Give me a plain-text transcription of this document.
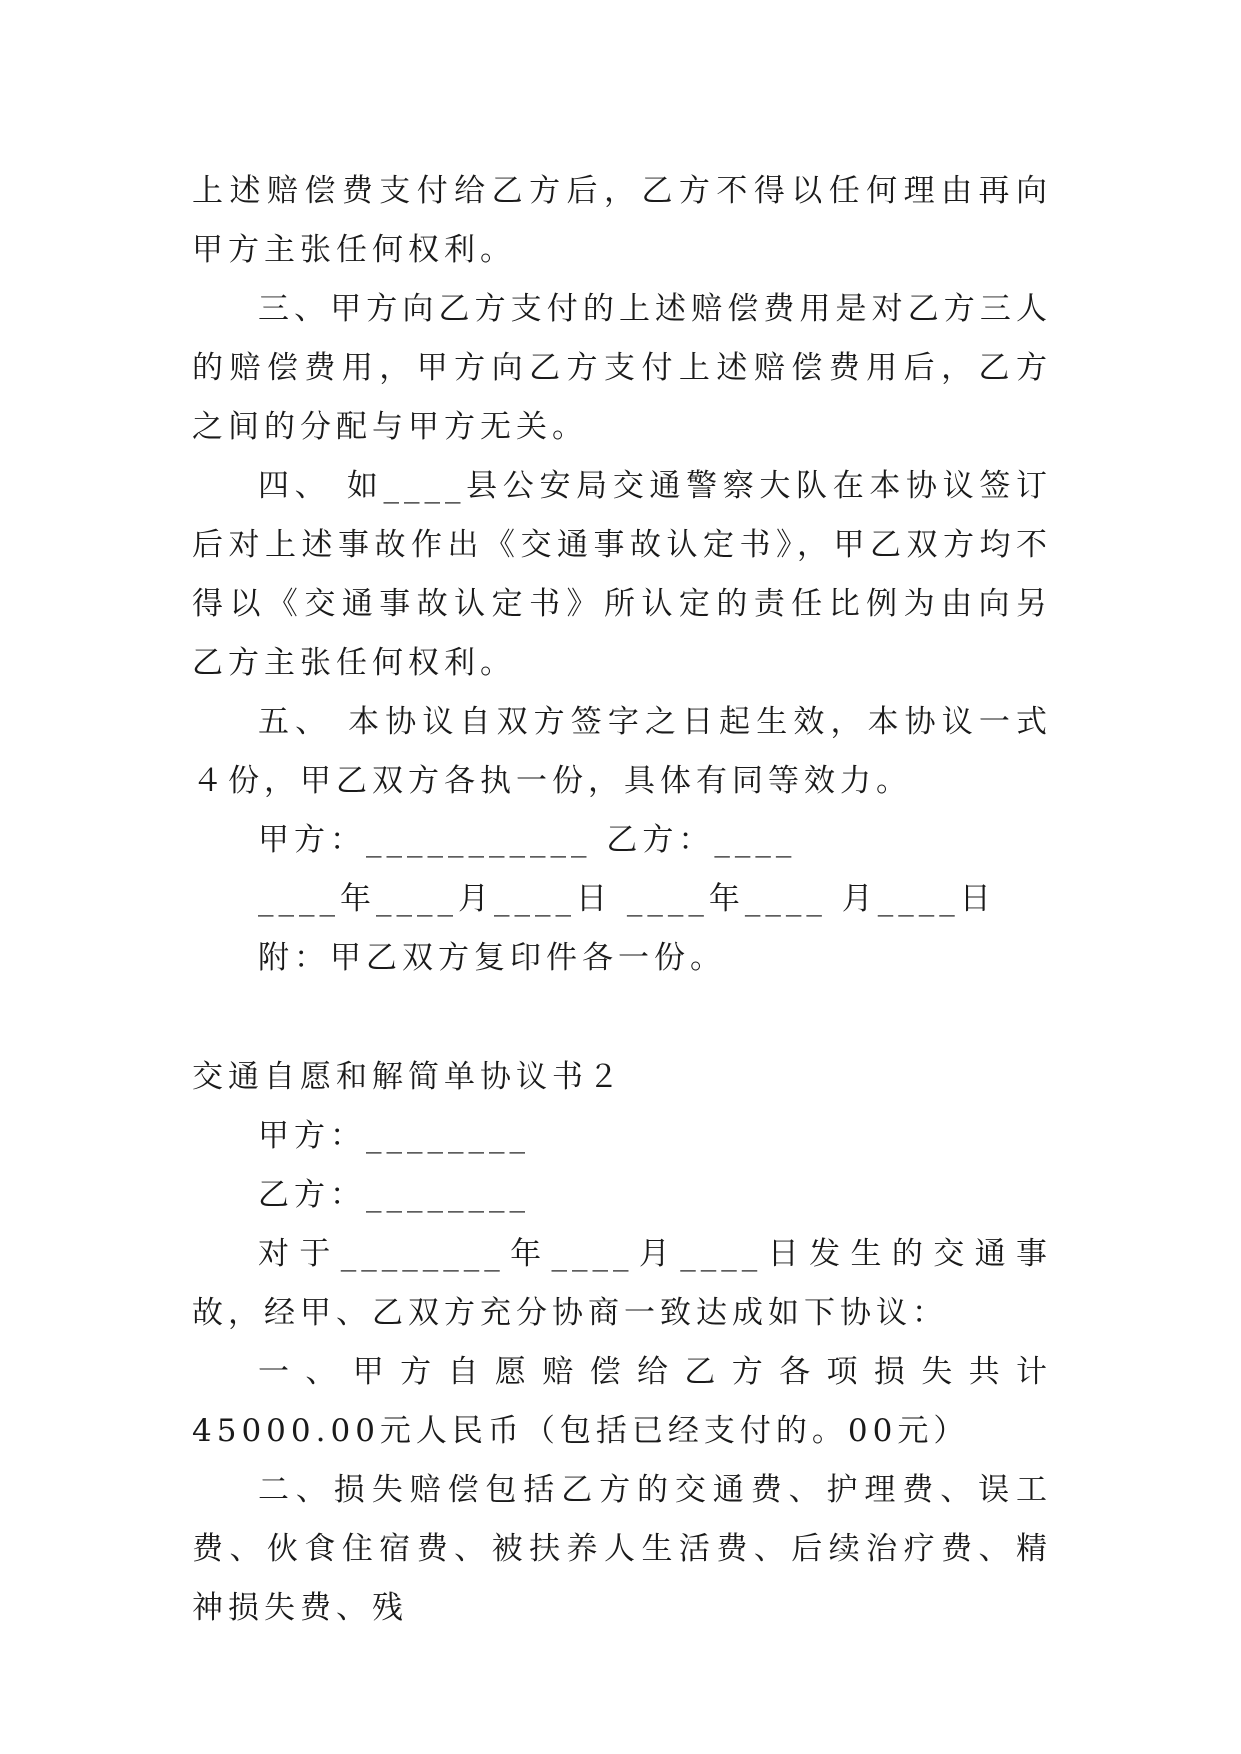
上述赔偿费支付给乙方后，乙方不得以任何理由再向甲方主张任何权利。

三、甲方向乙方支付的上述赔偿费用是对乙方三人的赔偿费用，甲方向乙方支付上述赔偿费用后，乙方之间的分配与甲方无关。

四、 如____县公安局交通警察大队在本协议签订后对上述事故作出《交通事故认定书》，甲乙双方均不得以《交通事故认定书》所认定的责任比例为由向另乙方主张任何权利。

五、 本协议自双方签字之日起生效，本协议一式４份，甲乙双方各执一份，具体有同等效力。

甲方：___________ 乙方：____

____年____月____日 ____年____ 月____日

附：甲乙双方复印件各一份。

交通自愿和解简单协议书２

甲方：________

乙方：________

对于________年____月____日发生的交通事故，经甲、乙双方充分协商一致达成如下协议：

一、甲方自愿赔偿给乙方各项损失共计45000.00元人民币（包括已经支付的。00元）

二、损失赔偿包括乙方的交通费、护理费、误工费、伙食住宿费、被扶养人生活费、后续治疗费、精神损失费、残
